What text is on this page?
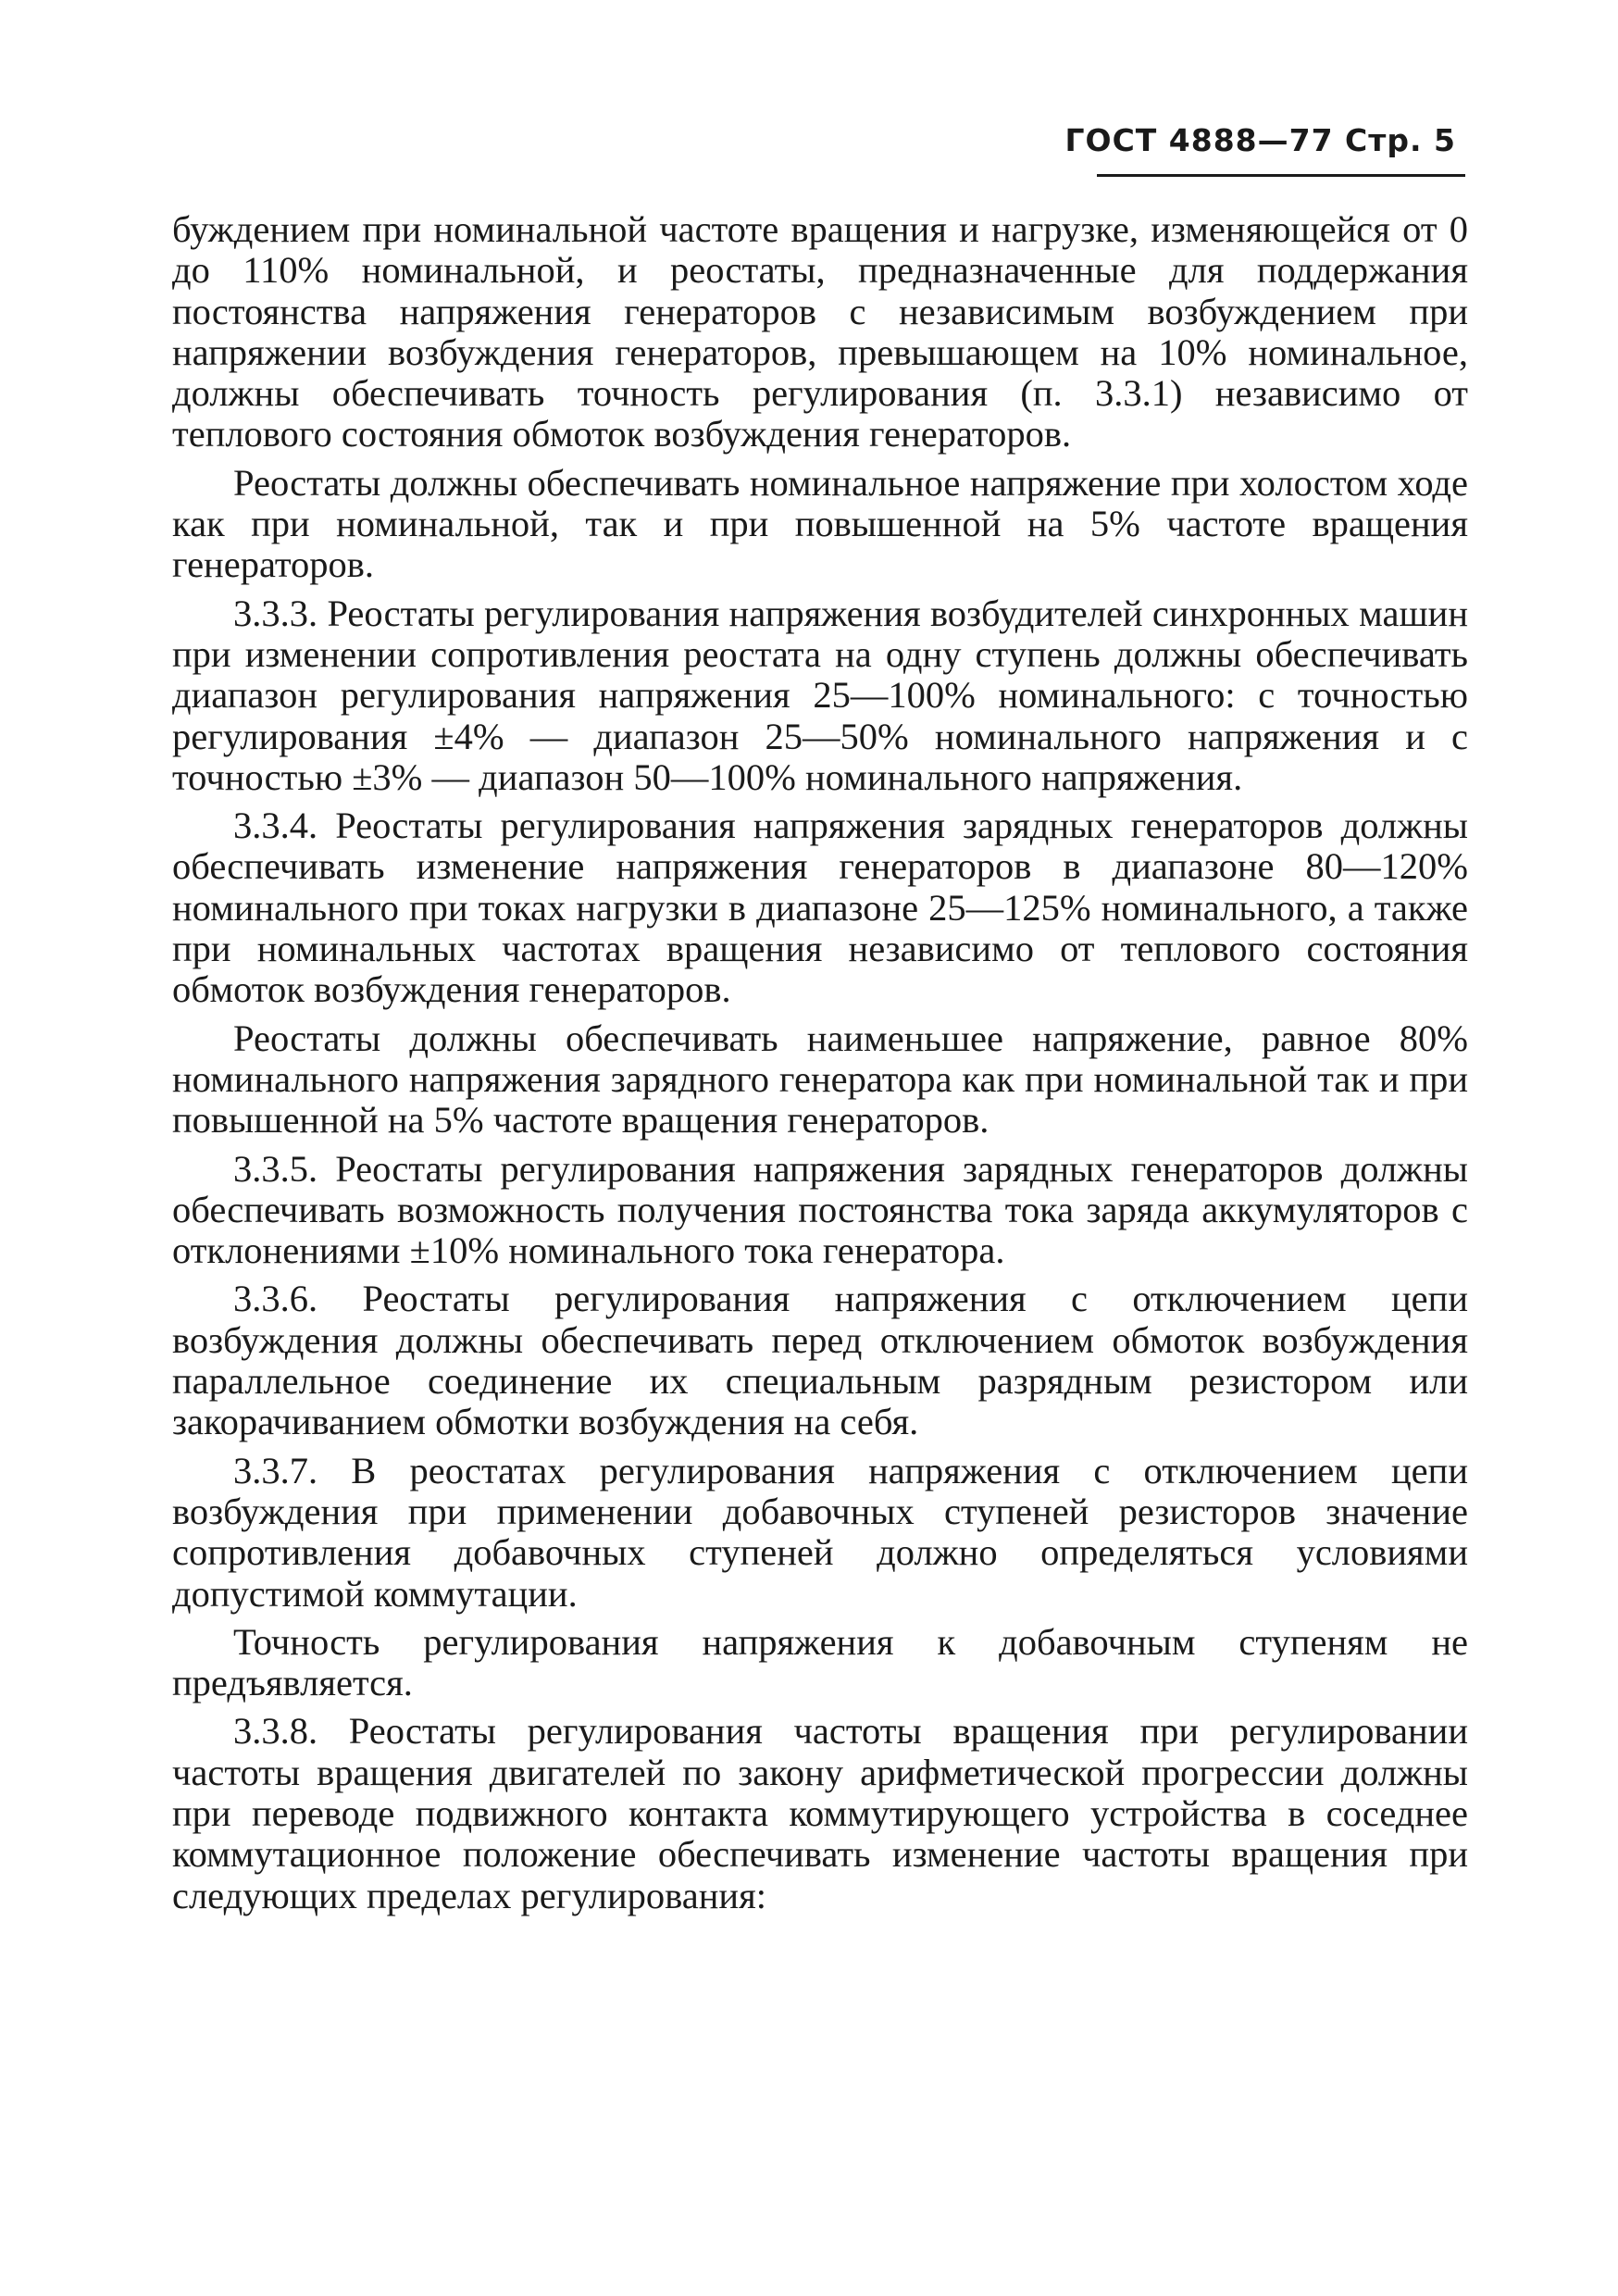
ГОСТ 4888—77 Стр. 5

буждением при номинальной частоте вращения и нагрузке, изменяющейся от 0 до 110% номинальной, и реостаты, предназначенные для поддержания постоянства напряжения генераторов с независимым возбуждением при напряжении возбуждения генераторов, превышающем на 10% номинальное, должны обеспечивать точность регулирования (п. 3.3.1) независимо от теплового состояния обмоток возбуждения генераторов.

Реостаты должны обеспечивать номинальное напряжение при холостом ходе как при номинальной, так и при повышенной на 5% частоте вращения генераторов.

3.3.3. Реостаты регулирования напряжения возбудителей синхронных машин при изменении сопротивления реостата на одну ступень должны обеспечивать диапазон регулирования напряжения 25—100% номинального: с точностью регулирования ±4% — диапазон 25—50% номинального напряжения и с точностью ±3% — диапазон 50—100% номинального напряжения.

3.3.4. Реостаты регулирования напряжения зарядных генераторов должны обеспечивать изменение напряжения генераторов в диапазоне 80—120% номинального при токах нагрузки в диапазоне 25—125% номинального, а также при номинальных частотах вращения независимо от теплового состояния обмоток возбуждения генераторов.

Реостаты должны обеспечивать наименьшее напряжение, равное 80% номинального напряжения зарядного генератора как при номинальной так и при повышенной на 5% частоте вращения генераторов.

3.3.5. Реостаты регулирования напряжения зарядных генераторов должны обеспечивать возможность получения постоянства тока заряда аккумуляторов с отклонениями ±10% номинального тока генератора.

3.3.6. Реостаты регулирования напряжения с отключением цепи возбуждения должны обеспечивать перед отключением обмоток возбуждения параллельное соединение их специальным разрядным резистором или закорачиванием обмотки возбуждения на себя.

3.3.7. В реостатах регулирования напряжения с отключением цепи возбуждения при применении добавочных ступеней резисторов значение сопротивления добавочных ступеней должно определяться условиями допустимой коммутации.

Точность регулирования напряжения к добавочным ступеням не предъявляется.

3.3.8. Реостаты регулирования частоты вращения при регулировании частоты вращения двигателей по закону арифметической прогрессии должны при переводе подвижного контакта коммутирующего устройства в соседнее коммутационное положение обеспечивать изменение частоты вращения при следующих пределах регулирования:
